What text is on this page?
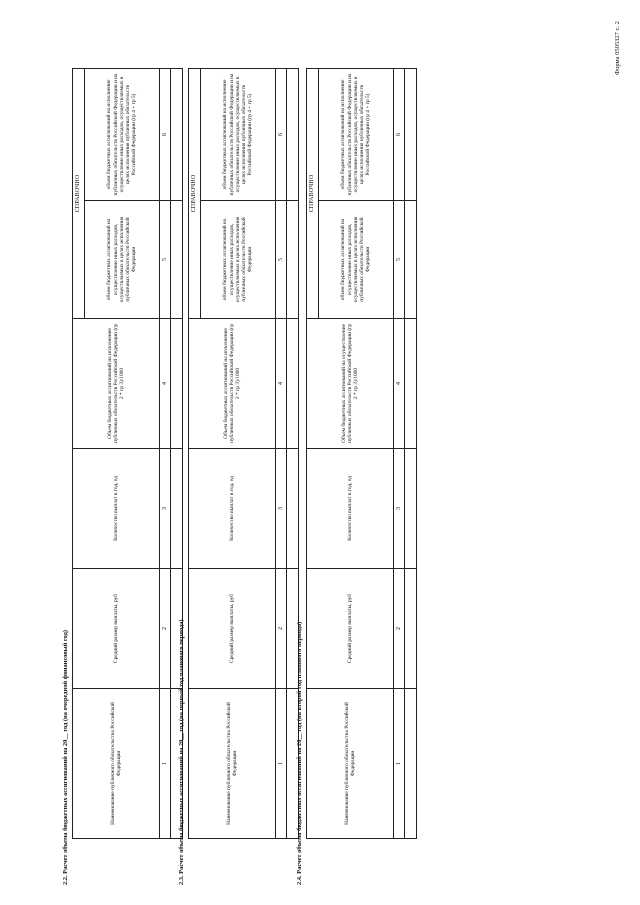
Форма 0505327 с. 2
2.2. Расчет объема бюджетных ассигнований на 20__ год (на очередной финансовый год)	Наименование публичного обязательства Российской Федерации	Средний размер выплаты, руб	Количество выплат в год, ед	Объем бюджетных ассигнований на исполнение публичных обязательств Российской Федерации (гр 2 * гр 3)/1000	СПРАВОЧНО	
				объем бюджетных ассигнований на осуществление иных расходов, осуществляемых в целях исполнения публичных обязательств Российской Федерации	объем бюджетных ассигнований на исполнение публичных обязательств Российской Федерации и на осуществление иных расходов, осуществляемых в целях исполнения публичных обязательств Российской Федерации (гр 4 + гр 5)
1	2	3	4	5	6

2.3. Расчет объема бюджетных ассигнований на 20__ год (на первый год планового периода)	Наименование публичного обязательства Российской Федерации	Средний размер выплаты, руб	Количество выплат в год, ед	Объем бюджетных ассигнований на исполнение публичных обязательств Российской Федерации (гр 2 * гр 3)/1000	СПРАВОЧНО	
				объем бюджетных ассигнований на осуществление иных расходов, осуществляемых в целях исполнения публичных обязательств Российской Федерации	объем бюджетных ассигнований на исполнение публичных обязательств Российской Федерации и на осуществление иных расходов, осуществляемых в целях исполнения публичных обязательств Российской Федерации (гр 4 + гр 5)
1	2	3	4	5	6

2.4. Расчет объема бюджетных ассигнований на 20__ год (на второй год планового периода)	Наименование публичного обязательства Российской Федерации	Средний размер выплаты, руб	Количество выплат в год, ед	Объем бюджетных ассигнований на осуществление публичных обязательств Российской Федерации (гр 2 * гр 3)/1000	СПРАВОЧНО	
				объем бюджетных ассигнований на осуществление иных расходов, осуществляемых в целях исполнения публичных обязательств Российской Федерации	объем бюджетных ассигнований на исполнение публичных обязательств Российской Федерации и на осуществление иных расходов, осуществляемых в целях исполнения публичных обязательств Российской Федерации (гр 4 + гр 5)
1	2	3	4	5	6
